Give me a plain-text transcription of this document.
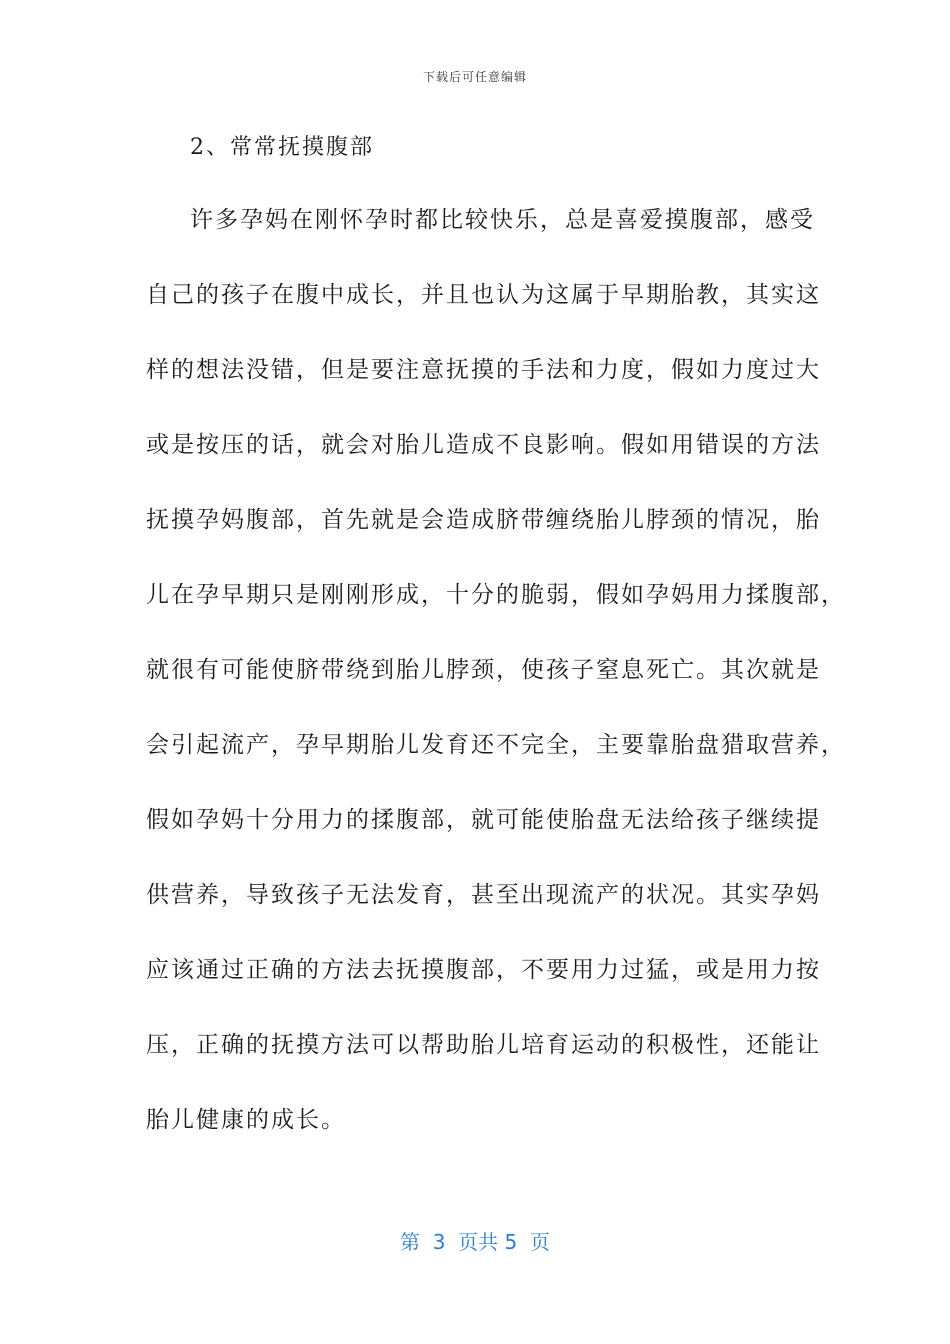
下载后可任意编辑
2、常常抚摸腹部
许多孕妈在刚怀孕时都比较快乐，总是喜爱摸腹部，感受
自己的孩子在腹中成长，并且也认为这属于早期胎教，其实这
样的想法没错，但是要注意抚摸的手法和力度，假如力度过大
或是按压的话，就会对胎儿造成不良影响。假如用错误的方法
抚摸孕妈腹部，首先就是会造成脐带缠绕胎儿脖颈的情况，胎
儿在孕早期只是刚刚形成，十分的脆弱，假如孕妈用力揉腹部，
就很有可能使脐带绕到胎儿脖颈，使孩子窒息死亡。其次就是
会引起流产，孕早期胎儿发育还不完全，主要靠胎盘猎取营养，
假如孕妈十分用力的揉腹部，就可能使胎盘无法给孩子继续提
供营养，导致孩子无法发育，甚至出现流产的状况。其实孕妈
应该通过正确的方法去抚摸腹部，不要用力过猛，或是用力按
压，正确的抚摸方法可以帮助胎儿培育运动的积极性，还能让
胎儿健康的成长。
第  3  页共 5  页
